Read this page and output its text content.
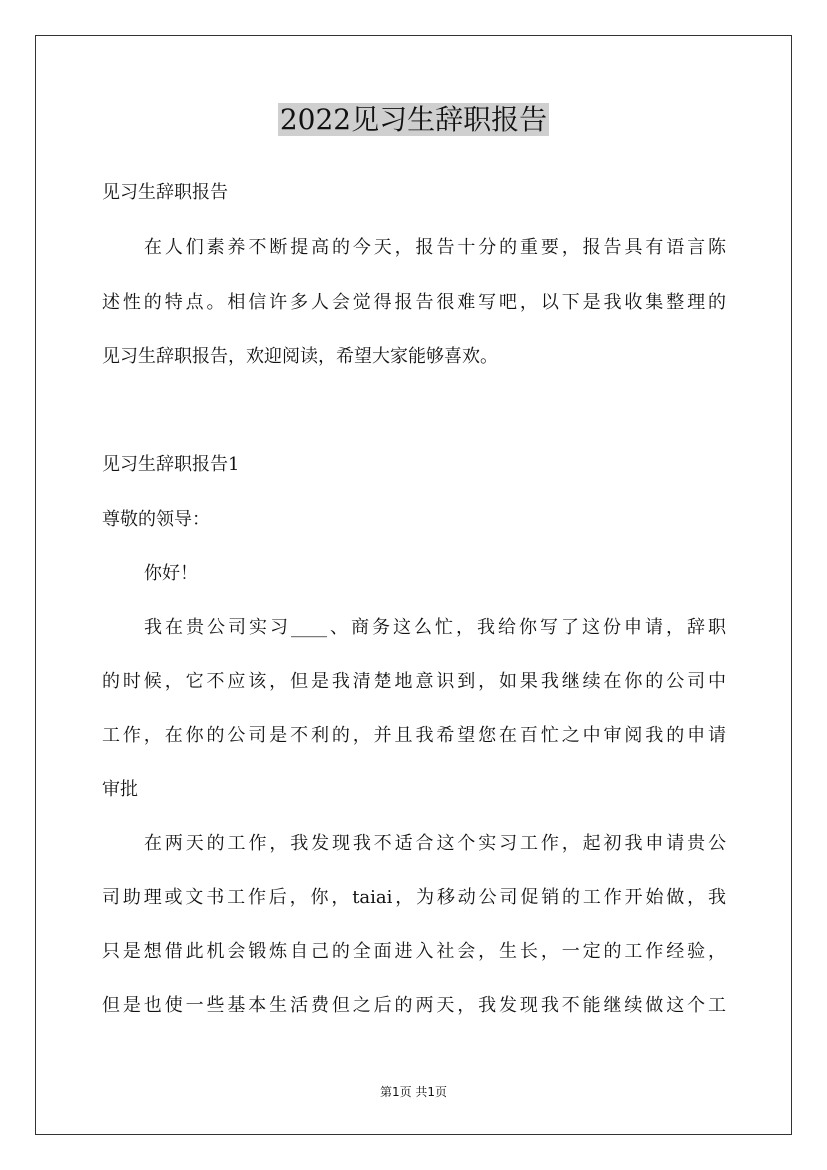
2022见习生辞职报告
见习生辞职报告
在人们素养不断提高的今天，报告十分的重要，报告具有语言陈
述性的特点。相信许多人会觉得报告很难写吧，以下是我收集整理的
见习生辞职报告，欢迎阅读，希望大家能够喜欢。
见习生辞职报告1
尊敬的领导：
你好！
我在贵公司实习____、商务这么忙，我给你写了这份申请，辞职
的时候，它不应该，但是我清楚地意识到，如果我继续在你的公司中
工作，在你的公司是不利的，并且我希望您在百忙之中审阅我的申请
审批
在两天的工作，我发现我不适合这个实习工作，起初我申请贵公
司助理或文书工作后，你，taiai，为移动公司促销的工作开始做，我
只是想借此机会锻炼自己的全面进入社会，生长，一定的工作经验，
但是也使一些基本生活费但之后的两天，我发现我不能继续做这个工
第1页 共1页
